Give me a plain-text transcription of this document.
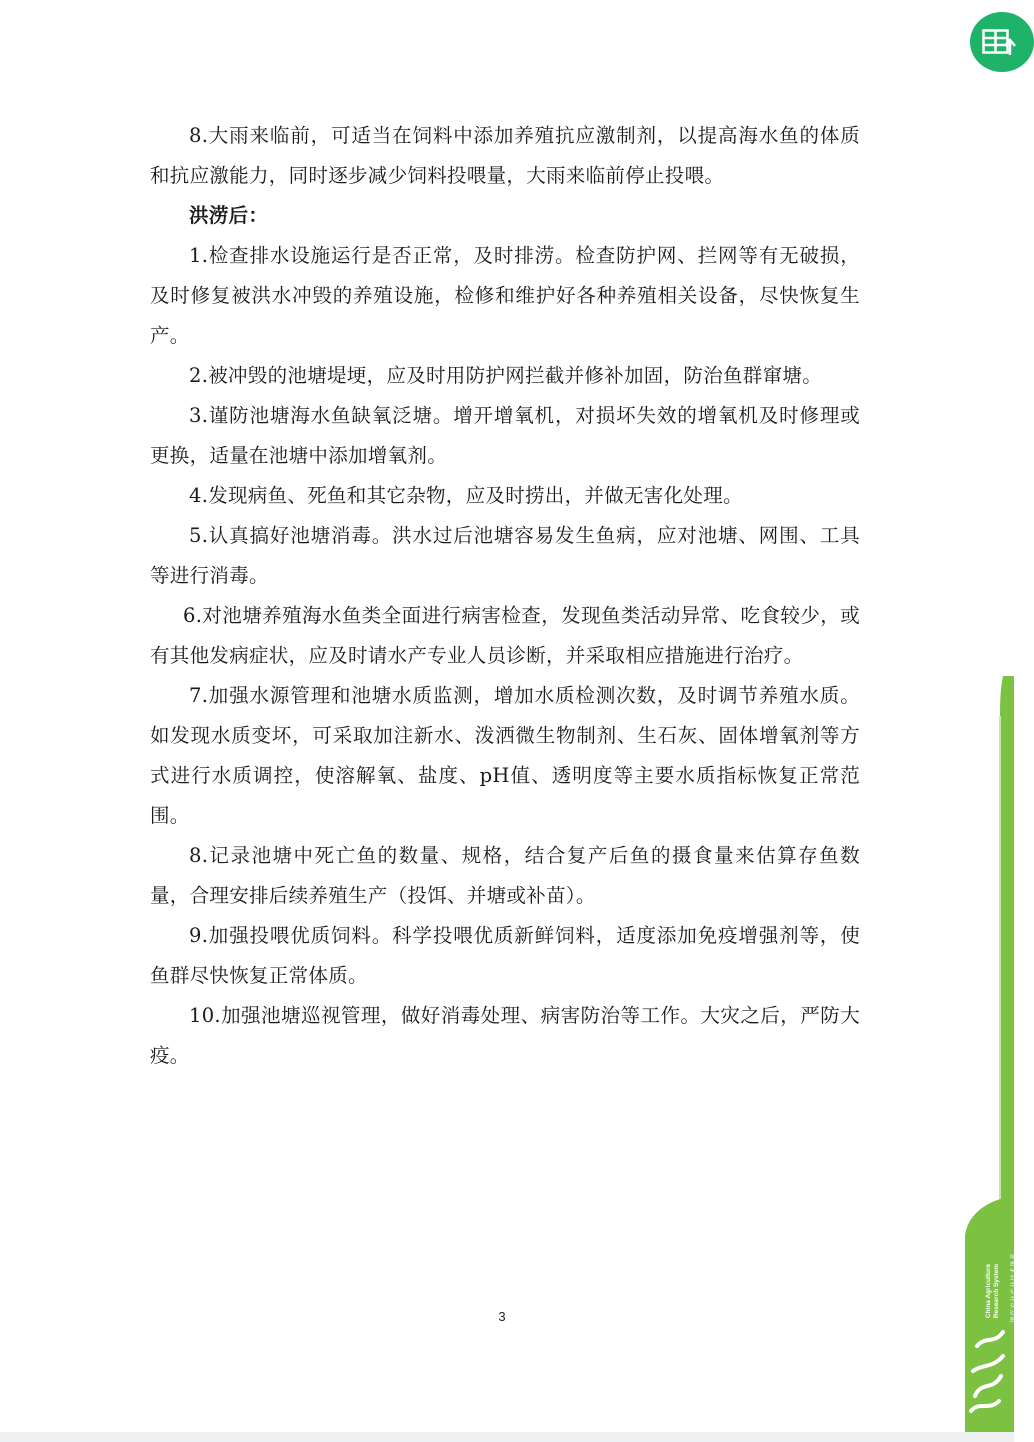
8.大雨来临前，可适当在饲料中添加养殖抗应激制剂，以提高海水鱼的体质和抗应激能力，同时逐步减少饲料投喂量，大雨来临前停止投喂。

洪涝后：

1.检查排水设施运行是否正常，及时排涝。检查防护网、拦网等有无破损，及时修复被洪水冲毁的养殖设施，检修和维护好各种养殖相关设备，尽快恢复生产。

2.被冲毁的池塘堤埂，应及时用防护网拦截并修补加固，防治鱼群窜塘。

3.谨防池塘海水鱼缺氧泛塘。增开增氧机，对损坏失效的增氧机及时修理或更换，适量在池塘中添加增氧剂。

4.发现病鱼、死鱼和其它杂物，应及时捞出，并做无害化处理。

5.认真搞好池塘消毒。洪水过后池塘容易发生鱼病，应对池塘、网围、工具等进行消毒。

6.对池塘养殖海水鱼类全面进行病害检查，发现鱼类活动异常、吃食较少，或有其他发病症状，应及时请水产专业人员诊断，并采取相应措施进行治疗。

7.加强水源管理和池塘水质监测，增加水质检测次数，及时调节养殖水质。如发现水质变坏，可采取加注新水、泼洒微生物制剂、生石灰、固体增氧剂等方式进行水质调控，使溶解氧、盐度、pH值、透明度等主要水质指标恢复正常范围。

8.记录池塘中死亡鱼的数量、规格，结合复产后鱼的摄食量来估算存鱼数量，合理安排后续养殖生产（投饵、并塘或补苗）。

9.加强投喂优质饲料。科学投喂优质新鲜饲料，适度添加免疫增强剂等，使鱼群尽快恢复正常体质。

10.加强池塘巡视管理，做好消毒处理、病害防治等工作。大灾之后，严防大疫。

3	China Agriculture Research System	现代农业产业技术体系
